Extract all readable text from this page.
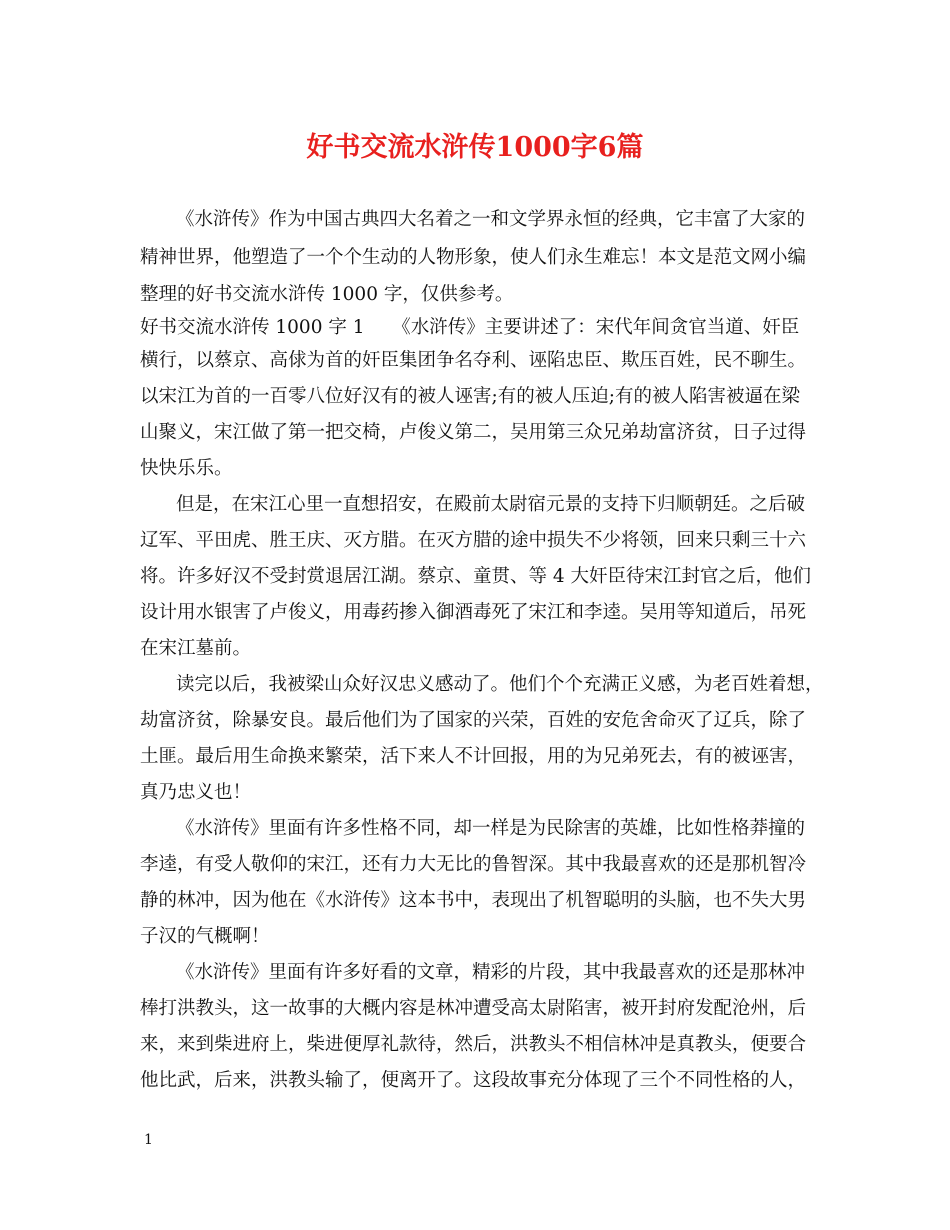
好书交流水浒传1000字6篇

《水浒传》作为中国古典四大名着之一和文学界永恒的经典，它丰富了大家的

精神世界，他塑造了一个个生动的人物形象，使人们永生难忘！本文是范文网小编

整理的好书交流水浒传 1000 字，仅供参考。

好书交流水浒传 1000 字 1　　《水浒传》主要讲述了：宋代年间贪官当道、奸臣

横行，以蔡京、高俅为首的奸臣集团争名夺利、诬陷忠臣、欺压百姓，民不聊生。

以宋江为首的一百零八位好汉有的被人诬害;有的被人压迫;有的被人陷害被逼在梁

山聚义，宋江做了第一把交椅，卢俊义第二，吴用第三众兄弟劫富济贫，日子过得

快快乐乐。

但是，在宋江心里一直想招安，在殿前太尉宿元景的支持下归顺朝廷。之后破

辽军、平田虎、胜王庆、灭方腊。在灭方腊的途中损失不少将领，回来只剩三十六

将。许多好汉不受封赏退居江湖。蔡京、童贯、等 4 大奸臣待宋江封官之后，他们

设计用水银害了卢俊义，用毒药掺入御酒毒死了宋江和李逵。吴用等知道后，吊死

在宋江墓前。

读完以后，我被梁山众好汉忠义感动了。他们个个充满正义感，为老百姓着想，

劫富济贫，除暴安良。最后他们为了国家的兴荣，百姓的安危舍命灭了辽兵，除了

土匪。最后用生命换来繁荣，活下来人不计回报，用的为兄弟死去，有的被诬害，

真乃忠义也！

《水浒传》里面有许多性格不同，却一样是为民除害的英雄，比如性格莽撞的

李逵，有受人敬仰的宋江，还有力大无比的鲁智深。其中我最喜欢的还是那机智冷

静的林冲，因为他在《水浒传》这本书中，表现出了机智聪明的头脑，也不失大男

子汉的气概啊！

《水浒传》里面有许多好看的文章，精彩的片段，其中我最喜欢的还是那林冲

棒打洪教头，这一故事的大概内容是林冲遭受高太尉陷害，被开封府发配沧州，后

来，来到柴进府上，柴进便厚礼款待，然后，洪教头不相信林冲是真教头，便要合

他比武，后来，洪教头输了，便离开了。这段故事充分体现了三个不同性格的人，

1
